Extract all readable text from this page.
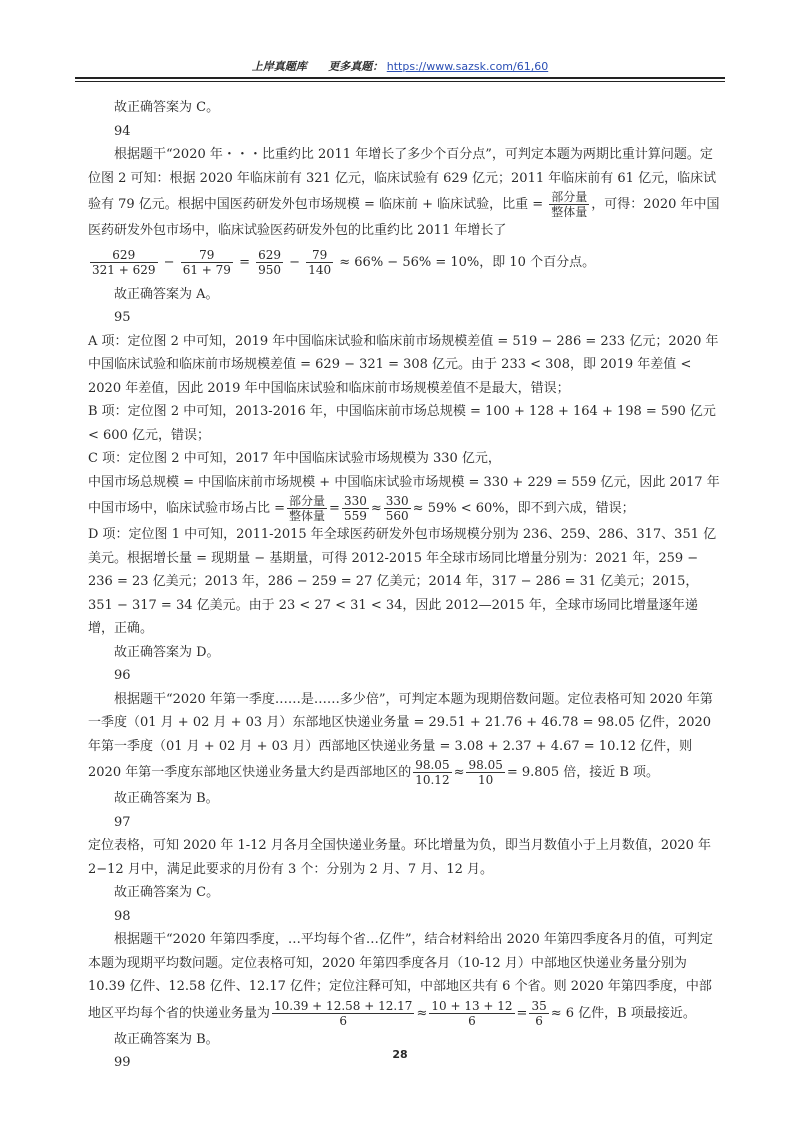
上岸真题库 更多真题： https://www.sazsk.com/61,60

故正确答案为 C。

94

根据题干“2020 年・・・比重约比 2011 年增长了多少个百分点”，可判定本题为两期比重计算问题。定位图 2 可知：根据 2020 年临床前有 321 亿元，临床试验有 629 亿元；2011 年临床前有 61 亿元，临床试验有 79 亿元。根据中国医药研发外包市场规模 = 临床前 + 临床试验，比重 = $\frac{\text{部分量}}{\text{整体量}}$ ，可得：2020 年中国医药研发外包市场中，临床试验医药研发外包的比重约比 2011 年增长了

$\frac{629}{321 + 629} - \frac{79}{61 + 79} = \frac{629}{950} - \frac{79}{140} \approx 66\% - 56\% = 10\%$，即 10 个百分点。

故正确答案为 A。

95

A 项：定位图 2 中可知，2019 年中国临床试验和临床前市场规模差值 = 519 − 286 = 233 亿元；2020 年中国临床试验和临床前市场规模差值 = 629 − 321 = 308 亿元。由于 233 < 308，即 2019 年差值 < 2020 年差值，因此 2019 年中国临床试验和临床前市场规模差值不是最大，错误；

B 项：定位图 2 中可知，2013-2016 年，中国临床前市场总规模 = 100 + 128 + 164 + 198 = 590 亿元 < 600 亿元，错误；

C 项：定位图 2 中可知，2017 年中国临床试验市场规模为 330 亿元，

中国市场总规模 = 中国临床前市场规模 + 中国临床试验市场规模 = 330 + 229 = 559 亿元，因此 2017 年中国市场中，临床试验市场占比 = $\frac{\text{部分量}}{\text{整体量}} = \frac{330}{559} \approx \frac{330}{560} \approx 59\% < 60\%$，即不到六成，错误；

D 项：定位图 1 中可知，2011-2015 年全球医药研发外包市场规模分别为 236、259、286、317、351 亿美元。根据增长量 = 现期量 − 基期量，可得 2012-2015 年全球市场同比增量分别为：2021 年，259 − 236 = 23 亿美元；2013 年，286 − 259 = 27 亿美元；2014 年，317 − 286 = 31 亿美元；2015，351 − 317 = 34 亿美元。由于 23 < 27 < 31 < 34，因此 2012—2015 年，全球市场同比增量逐年递增，正确。

故正确答案为 D。

96

根据题干“2020 年第一季度……是……多少倍”，可判定本题为现期倍数问题。定位表格可知 2020 年第一季度（01 月 + 02 月 + 03 月）东部地区快递业务量 = 29.51 + 21.76 + 46.78 = 98.05 亿件，2020 年第一季度（01 月 + 02 月 + 03 月）西部地区快递业务量 = 3.08 + 2.37 + 4.67 = 10.12 亿件，则 2020 年第一季度东部地区快递业务量大约是西部地区的 $\frac{98.05}{10.12} \approx \frac{98.05}{10} = 9.805$ 倍，接近 B 项。

故正确答案为 B。

97

定位表格，可知 2020 年 1-12 月各月全国快递业务量。环比增量为负，即当月数值小于上月数值，2020 年 2−12 月中，满足此要求的月份有 3 个：分别为 2 月、7 月、12 月。

故正确答案为 C。

98

根据题干“2020 年第四季度，…平均每个省…亿件”，结合材料给出 2020 年第四季度各月的值，可判定本题为现期平均数问题。定位表格可知，2020 年第四季度各月（10-12 月）中部地区快递业务量分别为 10.39 亿件、12.58 亿件、12.17 亿件；定位注释可知，中部地区共有 6 个省。则 2020 年第四季度，中部地区平均每个省的快递业务量为 $\frac{10.39 + 12.58 + 12.17}{6} \approx \frac{10 + 13 + 12}{6} = \frac{35}{6} \approx 6$ 亿件，B 项最接近。

故正确答案为 B。

99

28
